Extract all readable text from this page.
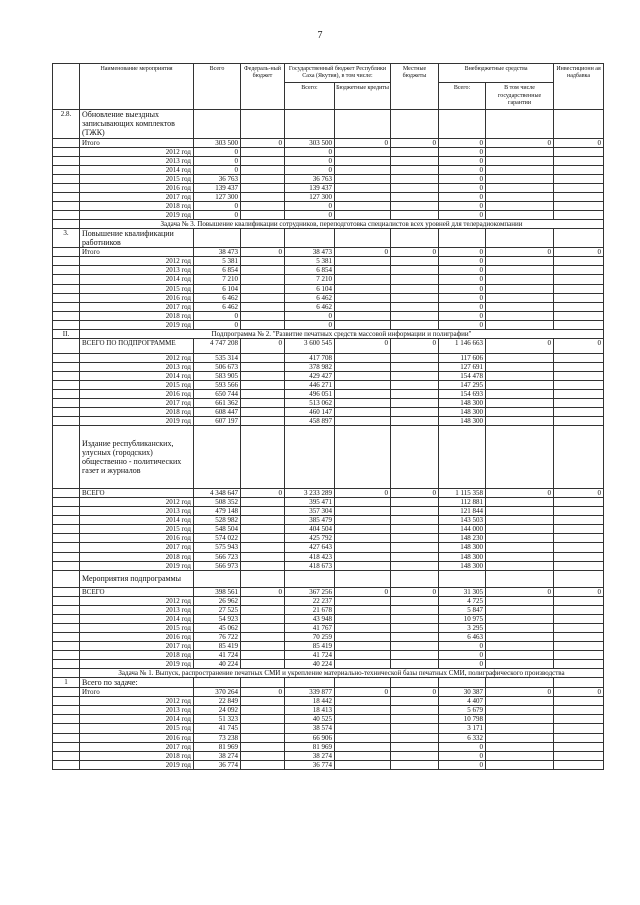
7
	Наименование мероприятия	Всего	Федераль-ный бюджет	Государственный бюджет Республики Саха (Якутия), в том числе:		Местные бюджеты	Внебюджетные средства		Инвестиционн ая надбавка
				Всего:	Бюджетные кредиты		Всего:	В том числе государственные гарантии	
2.8.	Обновление выездных записывающих комплектов (ТЖК)								
	Итого	303 500	0	303 500	0	0	0	0	0
	2012 год	0		0			0		
	2013 год	0		0			0		
	2014 год	0		0			0		
	2015 год	36 763		36 763			0		
	2016 год	139 437		139 437			0		
	2017 год	127 300		127 300			0		
	2018 год	0		0			0		
	2019 год	0		0			0		
	Задача № 3. Повышение квалификации сотрудников, переподготовка специалистов всех уровней для телерадиокомпании								
3.	Повышение квалификации работников								
	Итого	38 473	0	38 473	0	0	0	0	0
	2012 год	5 381		5 381			0		
	2013 год	6 854		6 854			0		
	2014 год	7 210		7 210			0		
	2015 год	6 104		6 104			0		
	2016 год	6 462		6 462			0		
	2017 год	6 462		6 462			0		
	2018 год	0		0			0		
	2019 год	0		0			0		
II.	Подпрограмма № 2. "Развитие печатных средств массовой информации и полиграфии"								
	ВСЕГО ПО ПОДПРОГРАММЕ	4 747 208	0	3 600 545	0	0	1 146 663	0	0
	2012 год	535 314		417 708			117 606		
	2013 год	506 673		378 982			127 691		
	2014 год	583 905		429 427			154 478		
	2015 год	593 566		446 271			147 295		
	2016 год	650 744		496 051			154 693		
	2017 год	661 362		513 062			148 300		
	2018 год	608 447		460 147			148 300		
	2019 год	607 197		458 897			148 300		
	Издание республиканских, улусных (городских) общественно - политических газет и журналов								
	ВСЕГО	4 348 647	0	3 233 289	0	0	1 115 358	0	0
	2012 год	508 352		395 471			112 881		
	2013 год	479 148		357 304			121 844		
	2014 год	528 982		385 479			143 503		
	2015 год	548 504		404 504			144 000		
	2016 год	574 022		425 792			148 230		
	2017 год	575 943		427 643			148 300		
	2018 год	566 723		418 423			148 300		
	2019 год	566 973		418 673			148 300		
	Мероприятия подпрограммы								
	ВСЕГО	398 561	0	367 256	0	0	31 305	0	0
	2012 год	26 962		22 237			4 725		
	2013 год	27 525		21 678			5 847		
	2014 год	54 923		43 948			10 975		
	2015 год	45 062		41 767			3 295		
	2016 год	76 722		70 259			6 463		
	2017 год	85 419		85 419			0		
	2018 год	41 724		41 724			0		
	2019 год	40 224		40 224			0		
	Задача № 1. Выпуск, распространение печатных СМИ и укрепление материально-технической базы печатных СМИ, полиграфического производства								
1	Всего по задаче:								
	Итого	370 264	0	339 877	0	0	30 387	0	0
	2012 год	22 849		18 442			4 407		
	2013 год	24 092		18 413			5 679		
	2014 год	51 323		40 525			10 798		
	2015 год	41 745		38 574			3 171		
	2016 год	73 238		66 906			6 332		
	2017 год	81 969		81 969			0		
	2018 год	38 274		38 274			0		
	2019 год	36 774		36 774			0		
